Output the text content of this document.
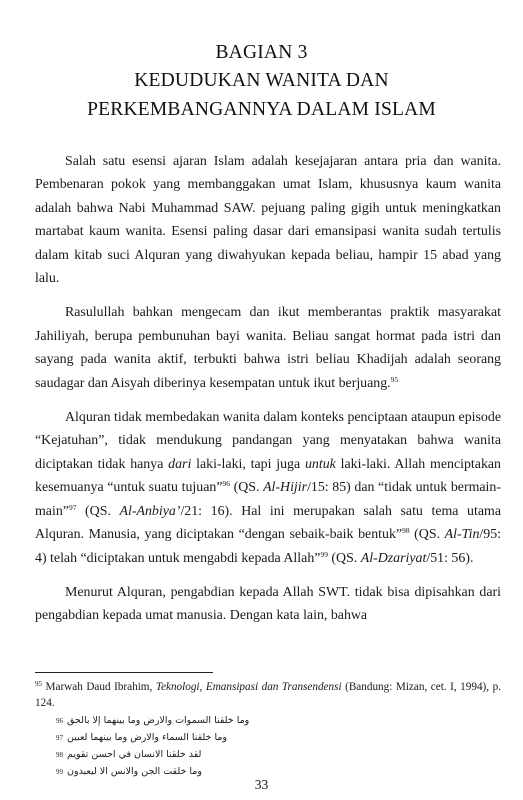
BAGIAN 3
KEDUDUKAN WANITA DAN
PERKEMBANGANNYA DALAM ISLAM

Salah satu esensi ajaran Islam adalah kesejajaran antara pria dan wanita. Pembenaran pokok yang membanggakan umat Islam, khususnya kaum wanita adalah bahwa Nabi Muhammad SAW. pejuang paling gigih untuk meningkatkan martabat kaum wanita. Esensi paling dasar dari emansipasi wanita sudah tertulis dalam kitab suci Alquran yang diwahyukan kepada beliau, hampir 15 abad yang lalu.

Rasulullah bahkan mengecam dan ikut memberantas praktik masyarakat Jahiliyah, berupa pembunuhan bayi wanita. Beliau sangat hormat pada istri dan sayang pada wanita aktif, terbukti bahwa istri beliau Khadijah adalah seorang saudagar dan Aisyah diberinya kesempatan untuk ikut berjuang.$^{95}$

Alquran tidak membedakan wanita dalam konteks penciptaan ataupun episode “Kejatuhan”, tidak mendukung pandangan yang menyatakan bahwa wanita diciptakan tidak hanya dari laki-laki, tapi juga untuk laki-laki. Allah menciptakan kesemuanya “untuk suatu tujuan”$^{96}$ (QS. Al-Hijir/15: 85) dan “tidak untuk bermain-main”$^{97}$ (QS. Al-Anbiya’/21: 16). Hal ini merupakan salah satu tema utama Alquran. Manusia, yang diciptakan “dengan sebaik-baik bentuk”$^{98}$ (QS. Al-Tin/95: 4) telah “diciptakan untuk mengabdi kepada Allah”$^{99}$ (QS. Al-Dzariyat/51: 56).

Menurut Alquran, pengabdian kepada Allah SWT. tidak bisa dipisahkan dari pengabdian kepada umat manusia. Dengan kata lain, bahwa

$^{95}$ Marwah Daud Ibrahim, Teknologi, Emansipasi dan Transendensi (Bandung: Mizan, cet. I, 1994), p. 124.
96 وما خلقنا السموات والارض وما بينهما إلا بالحق
97 وما خلقنا السماء والارض وما بينهما لعبين
98 لقد خلقنا الانسان في احسن تقويم
99 وما خلقت الجن والانس الا ليعبدون
33
